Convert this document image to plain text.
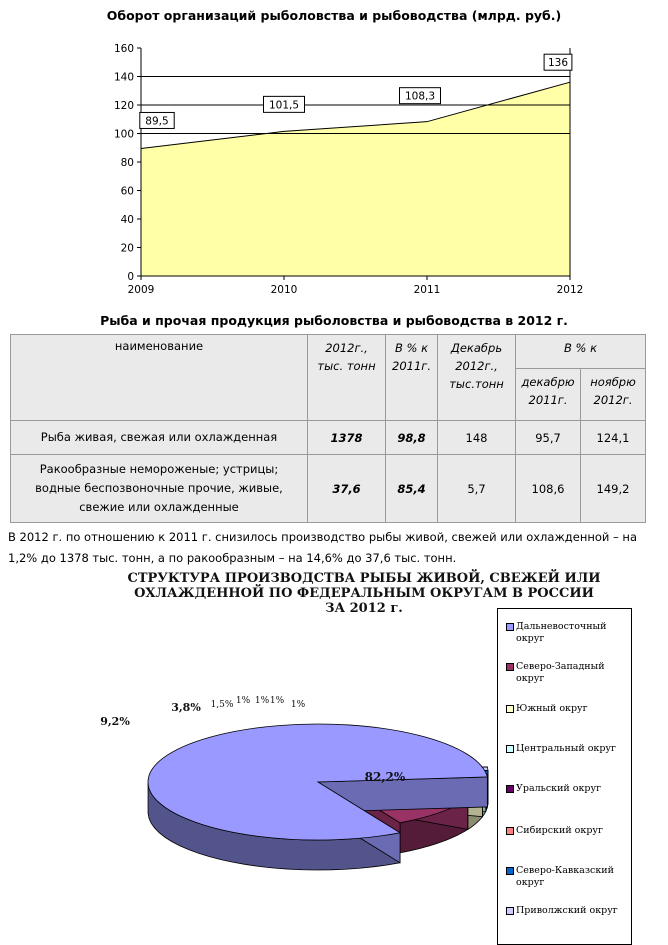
Оборот организаций рыболовства и рыбоводства (млрд. руб.)
0
20
40
60
80
100
120
140
160
2009	2010	2011	2012
89,5
101,5
108,3
136
Рыба и прочая продукция рыболовства и рыбоводства в 2012 г.
наименование	2012г., тыс. тонн	В % к 2011г.	Декабрь 2012г., тыс.тонн	В % к	
				декабрю 2011г.	ноябрю 2012г.
Рыба живая, свежая или охлажденная	1378	98,8	148	95,7	124,1
Ракообразные немороженые; устрицы; водные беспозвоночные прочие, живые, свежие или охлажденные	37,6	85,4	5,7	108,6	149,2
В 2012 г. по отношению к 2011 г. снизилось производство рыбы живой, свежей или охлажденной – на 1,2% до 1378 тыс. тонн, а по ракообразным – на 14,6% до 37,6 тыс. тонн.
СТРУКТУРА ПРОИЗВОДСТВА РЫБЫ ЖИВОЙ, СВЕЖЕЙ ИЛИ
ОХЛАЖДЕННОЙ ПО ФЕДЕРАЛЬНЫМ ОКРУГАМ В РОССИИ
ЗА 2012 г.
82,2%
9,2%
3,8% 1,5% 1% 1% 1% 1%
Дальневосточный округ
Северо-Западный округ
Южный округ
Центральный округ
Уральский округ
Сибирский округ
Северо-Кавказский округ
Приволжский округ
